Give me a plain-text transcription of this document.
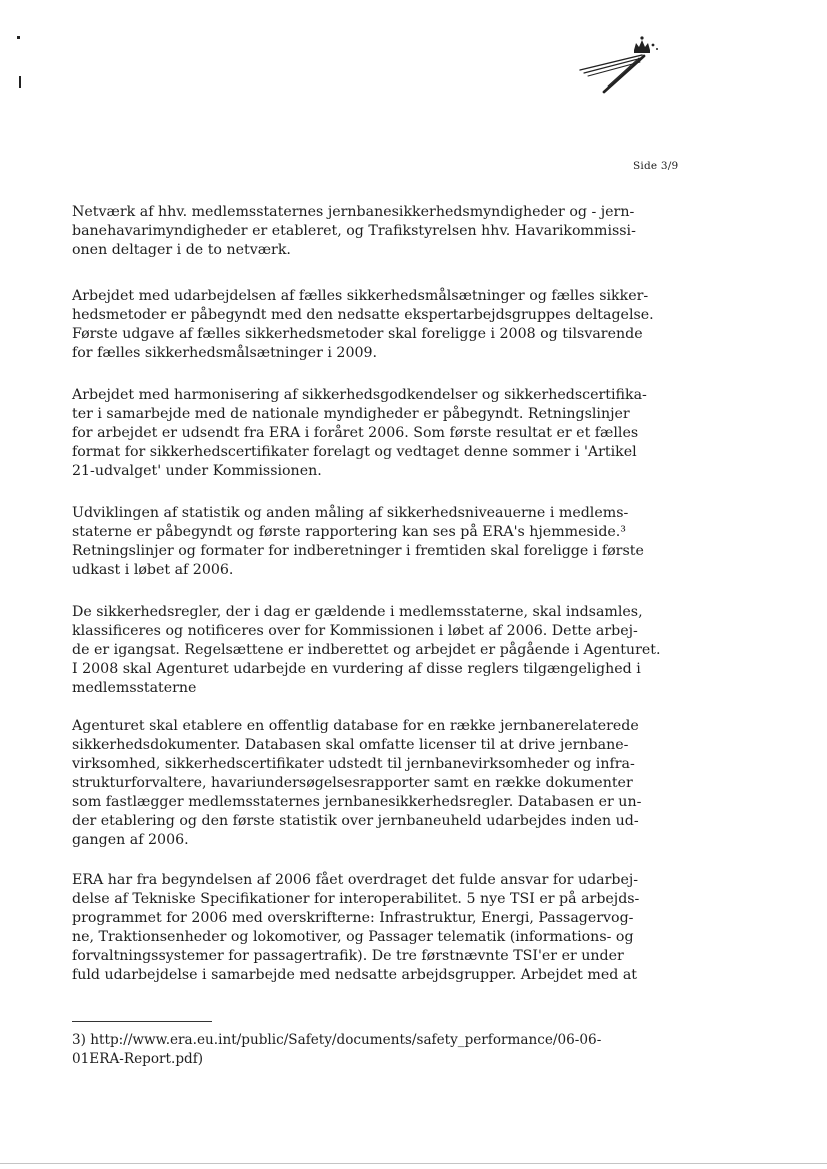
Side 3/9
Netværk af hhv. medlemsstaternes jernbanesikkerhedsmyndigheder og - jern-
banehavarimyndigheder er etableret, og Trafikstyrelsen hhv. Havarikommissi-
onen deltager i de to netværk.
Arbejdet med udarbejdelsen af fælles sikkerhedsmålsætninger og fælles sikker-
hedsmetoder er påbegyndt med den nedsatte ekspertarbejdsgruppes deltagelse.
Første udgave af fælles sikkerhedsmetoder skal foreligge i 2008 og tilsvarende
for fælles sikkerhedsmålsætninger i 2009.
Arbejdet med harmonisering af sikkerhedsgodkendelser og sikkerhedscertifika-
ter i samarbejde med de nationale myndigheder er påbegyndt. Retningslinjer
for arbejdet er udsendt fra ERA i foråret 2006. Som første resultat er et fælles
format for sikkerhedscertifikater forelagt og vedtaget denne sommer i 'Artikel
21-udvalget' under Kommissionen.
Udviklingen af statistik og anden måling af sikkerhedsniveauerne i medlems-
staterne er påbegyndt og første rapportering kan ses på ERA's hjemmeside.³
Retningslinjer og formater for indberetninger i fremtiden skal foreligge i første
udkast i løbet af 2006.
De sikkerhedsregler, der i dag er gældende i medlemsstaterne, skal indsamles,
klassificeres og notificeres over for Kommissionen i løbet af 2006. Dette arbej-
de er igangsat. Regelsættene er indberettet og arbejdet er pågående i Agenturet.
I 2008 skal Agenturet udarbejde en vurdering af disse reglers tilgængelighed i
medlemsstaterne
Agenturet skal etablere en offentlig database for en række jernbanerelaterede
sikkerhedsdokumenter. Databasen skal omfatte licenser til at drive jernbane-
virksomhed, sikkerhedscertifikater udstedt til jernbanevirksomheder og infra-
strukturforvaltere, havariundersøgelsesrapporter samt en række dokumenter
som fastlægger medlemsstaternes jernbanesikkerhedsregler. Databasen er un-
der etablering og den første statistik over jernbaneuheld udarbejdes inden ud-
gangen af 2006.
ERA har fra begyndelsen af 2006 fået overdraget det fulde ansvar for udarbej-
delse af Tekniske Specifikationer for interoperabilitet. 5 nye TSI er på arbejds-
programmet for 2006 med overskrifterne: Infrastruktur, Energi, Passagervog-
ne, Traktionsenheder og lokomotiver, og Passager telematik (informations- og
forvaltningssystemer for passagertrafik). De tre førstnævnte TSI'er er under
fuld udarbejdelse i samarbejde med nedsatte arbejdsgrupper. Arbejdet med at
3) http://www.era.eu.int/public/Safety/documents/safety_performance/06-06-
01ERA-Report.pdf)
